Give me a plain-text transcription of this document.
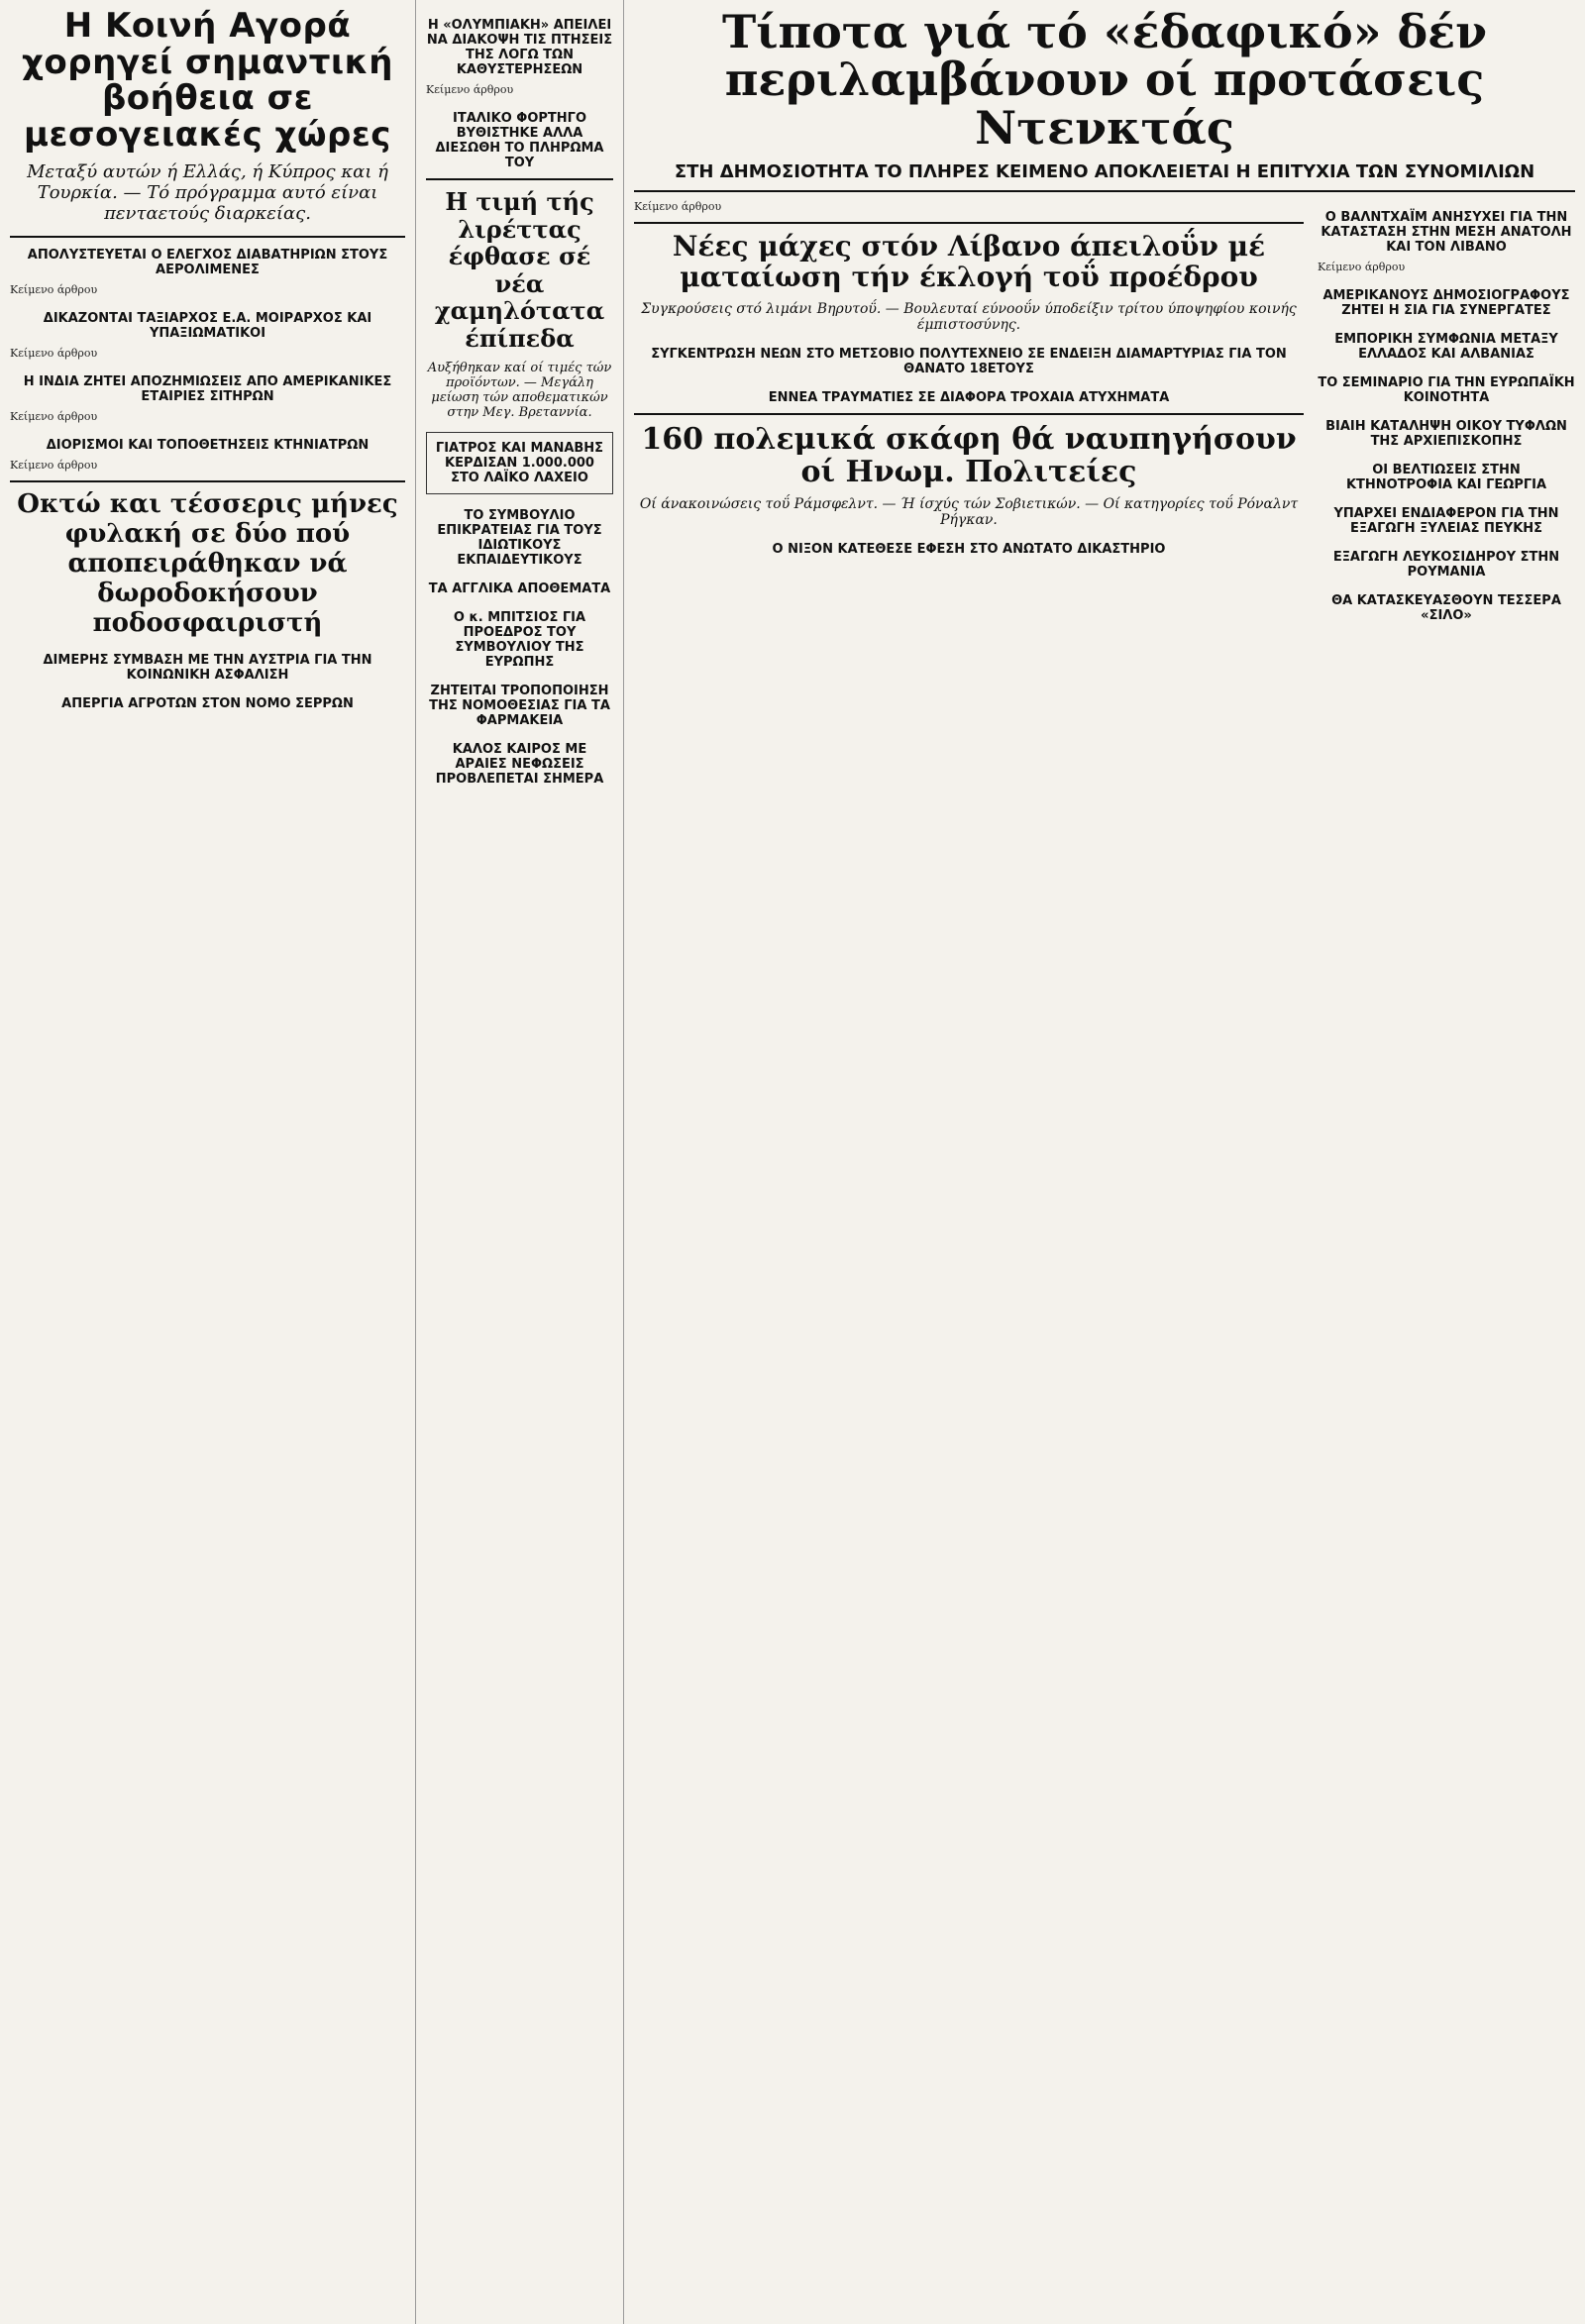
Η Κοινή Αγορά χορηγεί σημαντική βοήθεια σε μεσογειακές χώρες

Μεταξύ αυτών ή Ελλάς, ή Κύπρος και ή Τουρκία. — Τό πρόγραμμα αυτό είναι πενταετούς διαρκείας.

ΑΠΟΛΥΣΤΕΥΕΤΑΙ Ο ΕΛΕΓΧΟΣ ΔΙΑΒΑΤΗΡΙΩΝ ΣΤΟΥΣ ΑΕΡΟΛΙΜΕΝΕΣ

Κείμενο άρθρου

ΔΙΚΑΖΟΝΤΑΙ ΤΑΞΙΑΡΧΟΣ Ε.Α. ΜΟΙΡΑΡΧΟΣ ΚΑΙ ΥΠΑΞΙΩΜΑΤΙΚΟΙ

Κείμενο άρθρου

Η ΙΝΔΙΑ ΖΗΤΕΙ ΑΠΟΖΗΜΙΩΣΕΙΣ ΑΠΟ ΑΜΕΡΙΚΑΝΙΚΕΣ ΕΤΑΙΡΙΕΣ ΣΙΤΗΡΩΝ

Κείμενο άρθρου

ΔΙΟΡΙΣΜΟΙ ΚΑΙ ΤΟΠΟΘΕΤΗΣΕΙΣ ΚΤΗΝΙΑΤΡΩΝ

Κείμενο άρθρου

Οκτώ και τέσσερις μήνες φυλακή σε δύο πού αποπειράθηκαν νά δωροδοκήσουν ποδοσφαιριστή
ΔΙΜΕΡΗΣ ΣΥΜΒΑΣΗ ΜΕ ΤΗΝ ΑΥΣΤΡΙΑ ΓΙΑ ΤΗΝ ΚΟΙΝΩΝΙΚΗ ΑΣΦΑΛΙΣΗ
ΑΠΕΡΓΙΑ ΑΓΡΟΤΩΝ ΣΤΟΝ ΝΟΜΟ ΣΕΡΡΩΝ
Η «ΟΛΥΜΠΙΑΚΗ» ΑΠΕΙΛΕΙ ΝΑ ΔΙΑΚΟΨΗ ΤΙΣ ΠΤΗΣΕΙΣ ΤΗΣ ΛΟΓΩ ΤΩΝ ΚΑΘΥΣΤΕΡΗΣΕΩΝ

Κείμενο άρθρου

ΙΤΑΛΙΚΟ ΦΟΡΤΗΓΟ ΒΥΘΙΣΤΗΚΕ ΑΛΛΑ ΔΙΕΣΩΘΗ ΤΟ ΠΛΗΡΩΜΑ ΤΟΥ
Η τιμή τής λιρέττας έφθασε σέ νέα χαμηλότατα έπίπεδα

Αυξήθηκαν καί οί τιμές τών προϊόντων. — Μεγάλη μείωση τών αποθεματικών στην Μεγ. Βρεταννία.

ΓΙΑΤΡΟΣ ΚΑΙ ΜΑΝΑΒΗΣ ΚΕΡΔΙΣΑΝ 1.000.000 ΣΤΟ ΛΑΪΚΟ ΛΑΧΕΙΟ
ΤΟ ΣΥΜΒΟΥΛΙΟ ΕΠΙΚΡΑΤΕΙΑΣ ΓΙΑ ΤΟΥΣ ΙΔΙΩΤΙΚΟΥΣ ΕΚΠΑΙΔΕΥΤΙΚΟΥΣ
ΤΑ ΑΓΓΛΙΚΑ ΑΠΟΘΕΜΑΤΑ
Ο κ. ΜΠΙΤΣΙΟΣ ΓΙΑ ΠΡΟΕΔΡΟΣ ΤΟΥ ΣΥΜΒΟΥΛΙΟΥ ΤΗΣ ΕΥΡΩΠΗΣ
ΖΗΤΕΙΤΑΙ ΤΡΟΠΟΠΟΙΗΣΗ ΤΗΣ ΝΟΜΟΘΕΣΙΑΣ ΓΙΑ ΤΑ ΦΑΡΜΑΚΕΙΑ
ΚΑΛΟΣ ΚΑΙΡΟΣ ΜΕ ΑΡΑΙΕΣ ΝΕΦΩΣΕΙΣ ΠΡΟΒΛΕΠΕΤΑΙ ΣΗΜΕΡΑ
Τίποτα γιά τό «έδαφικό» δέν περιλαμβάνουν οί προτάσεις Ντενκτάς
ΣΤΗ ΔΗΜΟΣΙΟΤΗΤΑ ΤΟ ΠΛΗΡΕΣ ΚΕΙΜΕΝΟ ΑΠΟΚΛΕΙΕΤΑΙ Η ΕΠΙΤΥΧΙΑ ΤΩΝ ΣΥΝΟΜΙΛΙΩΝ

Κείμενο άρθρου

Νέες μάχες στόν Λίβανο άπειλοΰν μέ ματαίωση τήν έκλογή τοΰ προέδρου

Συγκρούσεις στό λιμάνι Βηρυτοΰ. — Βουλευταί εύνοοΰν ύποδείξιν τρίτου ύποψηφίου κοινής έμπιστοσύνης.

ΣΥΓΚΕΝΤΡΩΣΗ ΝΕΩΝ ΣΤΟ ΜΕΤΣΟΒΙΟ ΠΟΛΥΤΕΧΝΕΙΟ ΣΕ ΕΝΔΕΙΞΗ ΔΙΑΜΑΡΤΥΡΙΑΣ ΓΙΑ ΤΟΝ ΘΑΝΑΤΟ 18ΕΤΟΥΣ
ΕΝΝΕΑ ΤΡΑΥΜΑΤΙΕΣ ΣΕ ΔΙΑΦΟΡΑ ΤΡΟΧΑΙΑ ΑΤΥΧΗΜΑΤΑ
160 πολεμικά σκάφη θά ναυπηγήσουν οί Ηνωμ. Πολιτείες

Οί άνακοινώσεις τοΰ Ράμσφελντ. — Ή ίσχύς τών Σοβιετικών. — Οί κατηγορίες τοΰ Ρόναλντ Ρήγκαν.

Ο ΝΙΞΟΝ ΚΑΤΕΘΕΣΕ ΕΦΕΣΗ ΣΤΟ ΑΝΩΤΑΤΟ ΔΙΚΑΣΤΗΡΙΟ
Ο ΒΑΛΝΤΧΑΪΜ ΑΝΗΣΥΧΕΙ ΓΙΑ ΤΗΝ ΚΑΤΑΣΤΑΣΗ ΣΤΗΝ ΜΕΣΗ ΑΝΑΤΟΛΗ ΚΑΙ ΤΟΝ ΛΙΒΑΝΟ

Κείμενο άρθρου

ΑΜΕΡΙΚΑΝΟΥΣ ΔΗΜΟΣΙΟΓΡΑΦΟΥΣ ΖΗΤΕΙ Η ΣΙΑ ΓΙΑ ΣΥΝΕΡΓΑΤΕΣ
ΕΜΠΟΡΙΚΗ ΣΥΜΦΩΝΙΑ ΜΕΤΑΞΥ ΕΛΛΑΔΟΣ ΚΑΙ ΑΛΒΑΝΙΑΣ
ΤΟ ΣΕΜΙΝΑΡΙΟ ΓΙΑ ΤΗΝ ΕΥΡΩΠΑΪΚΗ ΚΟΙΝΟΤΗΤΑ
ΒΙΑΙΗ ΚΑΤΑΛΗΨΗ ΟΙΚΟΥ ΤΥΦΛΩΝ ΤΗΣ ΑΡΧΙΕΠΙΣΚΟΠΗΣ
ΟΙ ΒΕΛΤΙΩΣΕΙΣ ΣΤΗΝ ΚΤΗΝΟΤΡΟΦΙΑ ΚΑΙ ΓΕΩΡΓΙΑ
ΥΠΑΡΧΕΙ ΕΝΔΙΑΦΕΡΟΝ ΓΙΑ ΤΗΝ ΕΞΑΓΩΓΗ ΞΥΛΕΙΑΣ ΠΕΥΚΗΣ
ΕΞΑΓΩΓΗ ΛΕΥΚΟΣΙΔΗΡΟΥ ΣΤΗΝ ΡΟΥΜΑΝΙΑ
ΘΑ ΚΑΤΑΣΚΕΥΑΣΘΟΥΝ ΤΕΣΣΕΡΑ «ΣΙΛΟ»
